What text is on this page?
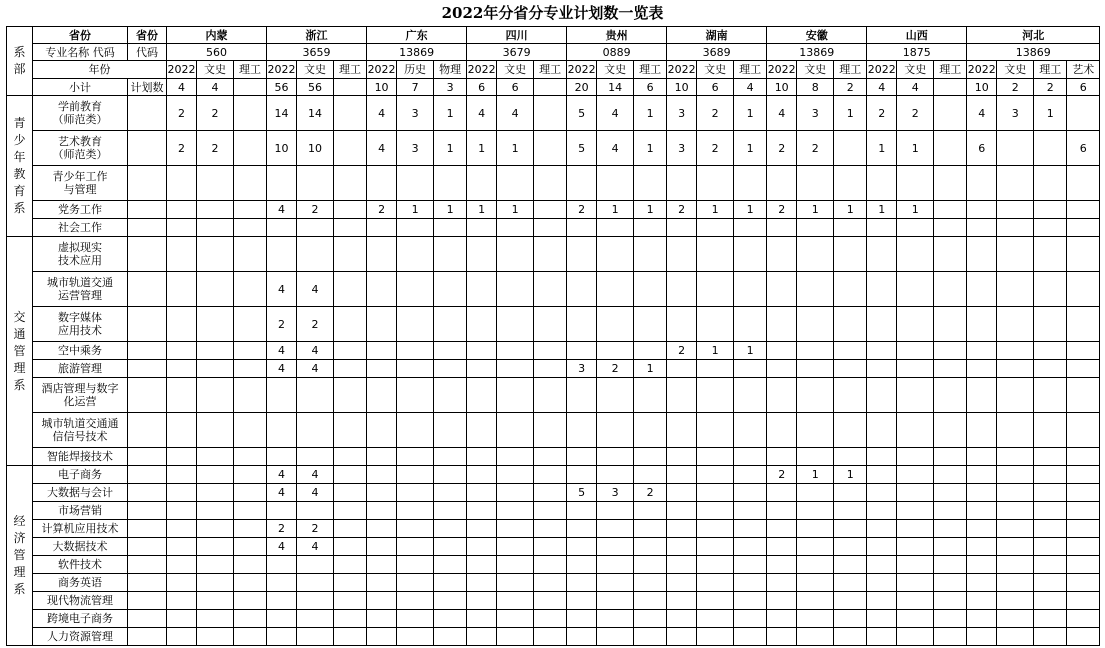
2022年分省分专业计划数一览表
系部	省份	省份	内蒙			浙江			广东			四川			贵州			湖南			安徽			山西			河北			
	专业名称 代码	代码	560			3659			13869			3679			0889			3689			13869			1875			13869			
	年份		2022	文史	理工	2022	文史	理工	2022	历史	物理	2022	文史	理工	2022	文史	理工	2022	文史	理工	2022	文史	理工	2022	文史	理工	2022	文史	理工	艺术
	小计	计划数	4	4		56	56		10	7	3	6	6		20	14	6	10	6	4	10	8	2	4	4		10	2	2	6

青少年教育系	学前教育
（师范类）		2	2		14	14		4	3	1	4	4		5	4	1	3	2	1	4	3	1	2	2		4	3	1	

	艺术教育
（师范类）		2	2		10	10		4	3	1	1	1		5	4	1	3	2	1	2	2		1	1		6			6

	青少年工作
与管理																													

	党务工作					4	2		2	1	1	1	1		2	1	1	2	1	1	2	1	1	1	1					

	社会工作																													

交通管理系	虚拟现实
技术应用																													

	城市轨道交通
运营管理					4	4																							

	数字媒体
应用技术					2	2																							

	空中乘务					4	4											2	1	1										

	旅游管理					4	4								3	2	1													

	酒店管理与数字
化运营																													

	城市轨道交通通
信信号技术																													

	智能焊接技术																													

经济管理系	电子商务					4	4														2	1	1							

	大数据与会计					4	4								5	3	2													

	市场营销																													

	计算机应用技术					2	2																							

	大数据技术					4	4																							

	软件技术																													

	商务英语																													

	现代物流管理																													

	跨境电子商务																													

	人力资源管理																													
